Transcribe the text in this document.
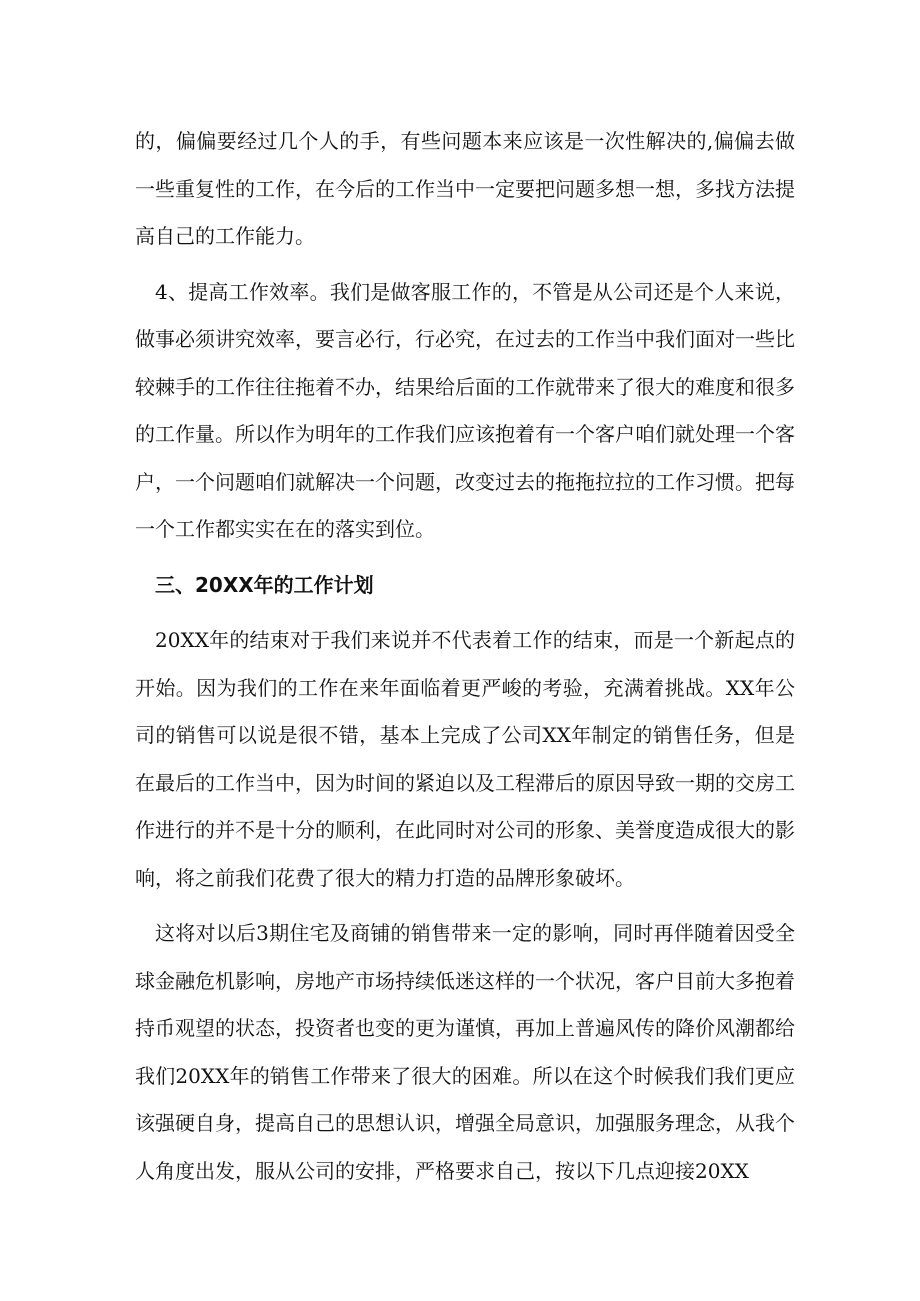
的，偏偏要经过几个人的手，有些问题本来应该是一次性解决的,偏偏去做一些重复性的工作，在今后的工作当中一定要把问题多想一想，多找方法提高自己的工作能力。

4、提高工作效率。我们是做客服工作的，不管是从公司还是个人来说，做事必须讲究效率，要言必行，行必究，在过去的工作当中我们面对一些比较棘手的工作往往拖着不办，结果给后面的工作就带来了很大的难度和很多的工作量。所以作为明年的工作我们应该抱着有一个客户咱们就处理一个客户，一个问题咱们就解决一个问题，改变过去的拖拖拉拉的工作习惯。把每一个工作都实实在在的落实到位。

三、20XX年的工作计划

20XX年的结束对于我们来说并不代表着工作的结束，而是一个新起点的开始。因为我们的工作在来年面临着更严峻的考验，充满着挑战。XX年公司的销售可以说是很不错，基本上完成了公司XX年制定的销售任务，但是在最后的工作当中，因为时间的紧迫以及工程滞后的原因导致一期的交房工作进行的并不是十分的顺利，在此同时对公司的形象、美誉度造成很大的影响，将之前我们花费了很大的精力打造的品牌形象破坏。

这将对以后3期住宅及商铺的销售带来一定的影响，同时再伴随着因受全球金融危机影响，房地产市场持续低迷这样的一个状况，客户目前大多抱着持币观望的状态，投资者也变的更为谨慎，再加上普遍风传的降价风潮都给我们20XX年的销售工作带来了很大的困难。所以在这个时候我们我们更应该强硬自身，提高自己的思想认识，增强全局意识，加强服务理念，从我个人角度出发，服从公司的安排，严格要求自己，按以下几点迎接20XX
